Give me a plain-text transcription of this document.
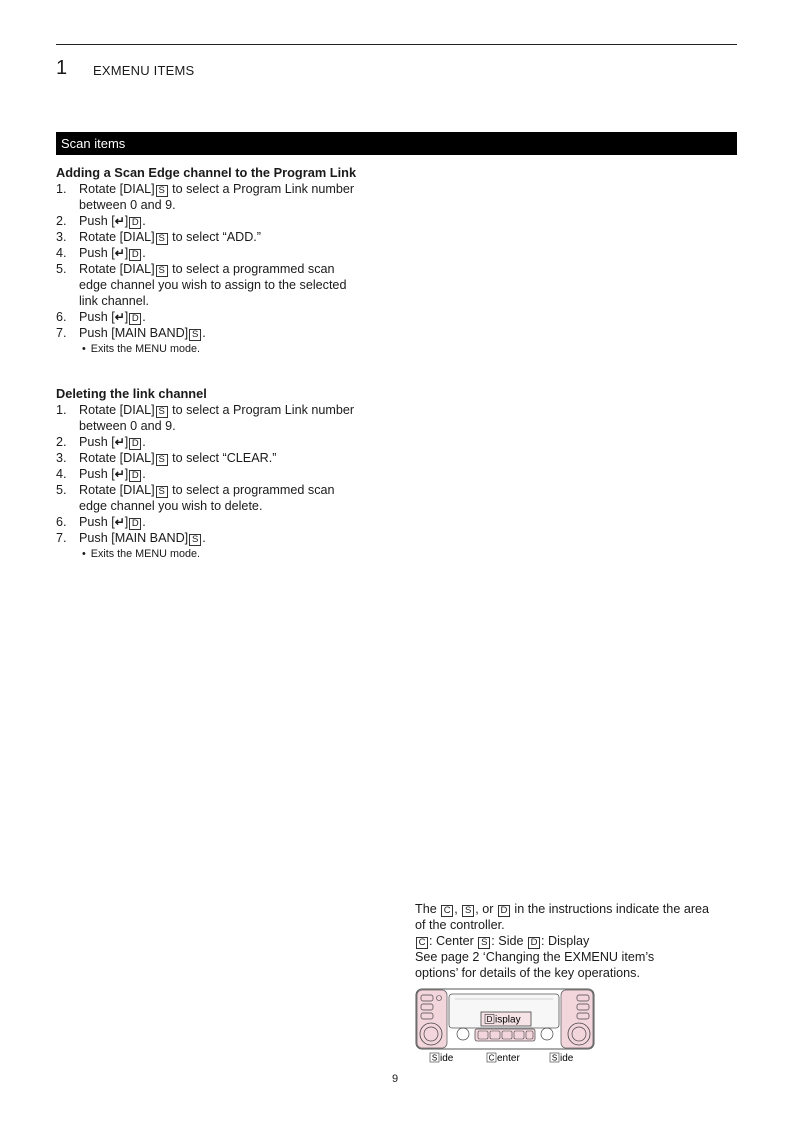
1 EXMENU ITEMS
Scan items
Adding a Scan Edge channel to the Program Link
1. Rotate [DIAL] S to select a Program Link number
between 0 and 9.
2. Push [↵] D .
3. Rotate [DIAL] S to select “ADD.”
4. Push [↵] D .
5. Rotate [DIAL] S to select a programmed scan
edge channel you wish to assign to the selected
link channel.
6. Push [↵] D .
7. Push [MAIN BAND] S .
• Exits the MENU mode.
Deleting the link channel
1. Rotate [DIAL] S to select a Program Link number
between 0 and 9.
2. Push [↵] D .
3. Rotate [DIAL] S to select “CLEAR.”
4. Push [↵] D .
5. Rotate [DIAL] S to select a programmed scan
edge channel you wish to delete.
6. Push [↵] D .
7. Push [MAIN BAND] S .
• Exits the MENU mode.

The C , S , or D in the instructions indicate the area

of the controller.

C : Center S : Side D : Display

See page 2 ‘Changing the EXMENU item’s

options’ for details of the key operations.

D isplay
S ide	C enter	S ide
9
